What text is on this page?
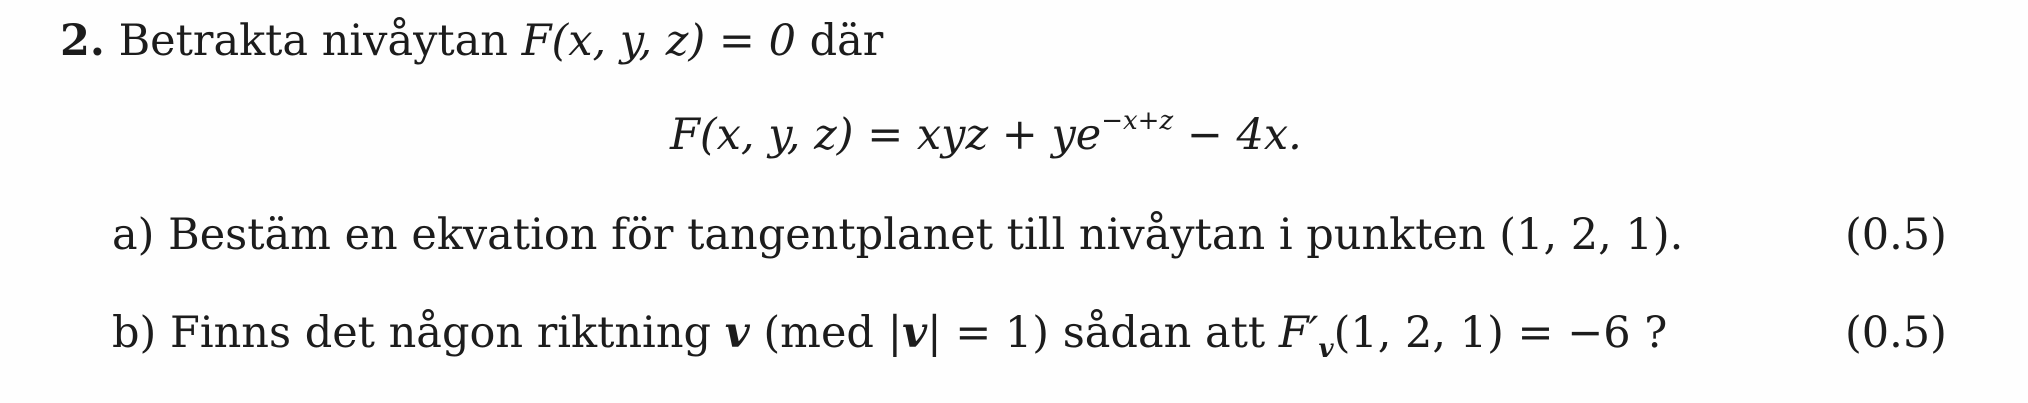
2. Betrakta nivåytan F(x, y, z) = 0 där
F(x, y, z) = xyz + $ye^{-x+z} - 4x$.
a) Bestäm en ekvation för tangentplanet till nivåytan i punkten (1, 2, 1).	(0.5)
b) Finns det någon riktning v (med |v| = 1) sådan att $F'_v(1$, 2, 1) = −6 ?	(0.5)
